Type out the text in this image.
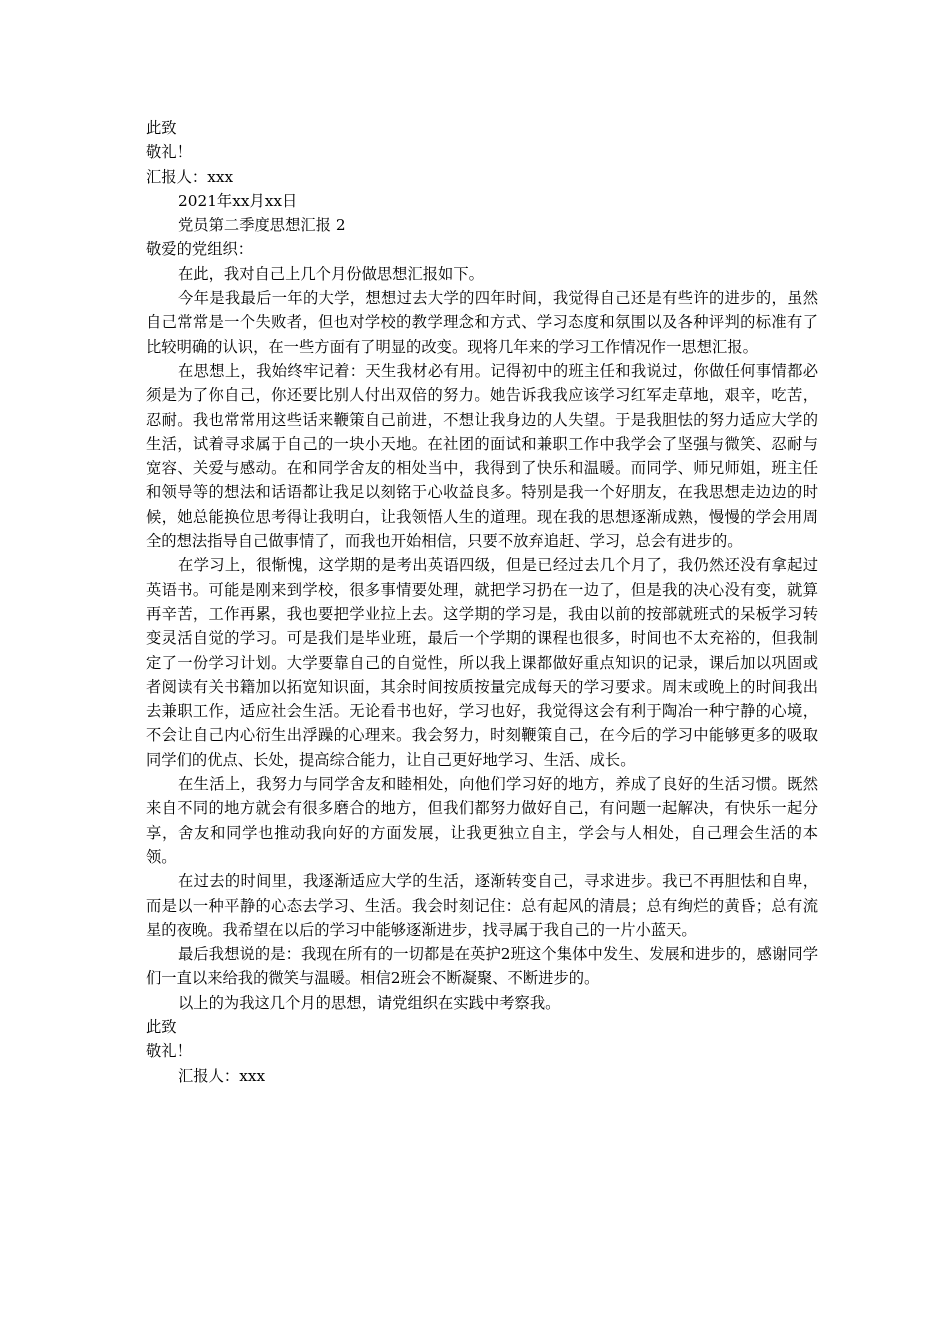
此致
敬礼！
汇报人：xxx
2021年xx月xx日
党员第二季度思想汇报 2
敬爱的党组织：

在此，我对自己上几个月份做思想汇报如下。

今年是我最后一年的大学，想想过去大学的四年时间，我觉得自己还是有些许的进步的，虽然自己常常是一个失败者，但也对学校的教学理念和方式、学习态度和氛围以及各种评判的标准有了比较明确的认识，在一些方面有了明显的改变。现将几年来的学习工作情况作一思想汇报。

在思想上，我始终牢记着：天生我材必有用。记得初中的班主任和我说过，你做任何事情都必须是为了你自己，你还要比别人付出双倍的努力。她告诉我我应该学习红军走草地，艰辛，吃苦，忍耐。我也常常用这些话来鞭策自己前进，不想让我身边的人失望。于是我胆怯的努力适应大学的生活，试着寻求属于自己的一块小天地。在社团的面试和兼职工作中我学会了坚强与微笑、忍耐与宽容、关爱与感动。在和同学舍友的相处当中，我得到了快乐和温暖。而同学、师兄师姐，班主任和领导等的想法和话语都让我足以刻铭于心收益良多。特别是我一个好朋友，在我思想走边边的时候，她总能换位思考得让我明白，让我领悟人生的道理。现在我的思想逐渐成熟，慢慢的学会用周全的想法指导自己做事情了，而我也开始相信，只要不放弃追赶、学习，总会有进步的。

在学习上，很惭愧，这学期的是考出英语四级，但是已经过去几个月了，我仍然还没有拿起过英语书。可能是刚来到学校，很多事情要处理，就把学习扔在一边了，但是我的决心没有变，就算再辛苦，工作再累，我也要把学业拉上去。这学期的学习是，我由以前的按部就班式的呆板学习转变灵活自觉的学习。可是我们是毕业班，最后一个学期的课程也很多，时间也不太充裕的，但我制定了一份学习计划。大学要靠自己的自觉性，所以我上课都做好重点知识的记录，课后加以巩固或者阅读有关书籍加以拓宽知识面，其余时间按质按量完成每天的学习要求。周末或晚上的时间我出去兼职工作，适应社会生活。无论看书也好，学习也好，我觉得这会有利于陶冶一种宁静的心境，不会让自己内心衍生出浮躁的心理来。我会努力，时刻鞭策自己，在今后的学习中能够更多的吸取同学们的优点、长处，提高综合能力，让自己更好地学习、生活、成长。

在生活上，我努力与同学舍友和睦相处，向他们学习好的地方，养成了良好的生活习惯。既然来自不同的地方就会有很多磨合的地方，但我们都努力做好自己，有问题一起解决，有快乐一起分享，舍友和同学也推动我向好的方面发展，让我更独立自主，学会与人相处，自己理会生活的本领。

在过去的时间里，我逐渐适应大学的生活，逐渐转变自己，寻求进步。我已不再胆怯和自卑，而是以一种平静的心态去学习、生活。我会时刻记住：总有起风的清晨；总有绚烂的黄昏；总有流星的夜晚。我希望在以后的学习中能够逐渐进步，找寻属于我自己的一片小蓝天。

最后我想说的是：我现在所有的一切都是在英护2班这个集体中发生、发展和进步的，感谢同学们一直以来给我的微笑与温暖。相信2班会不断凝聚、不断进步的。

以上的为我这几个月的思想，请党组织在实践中考察我。

此致
敬礼！
汇报人：xxx
